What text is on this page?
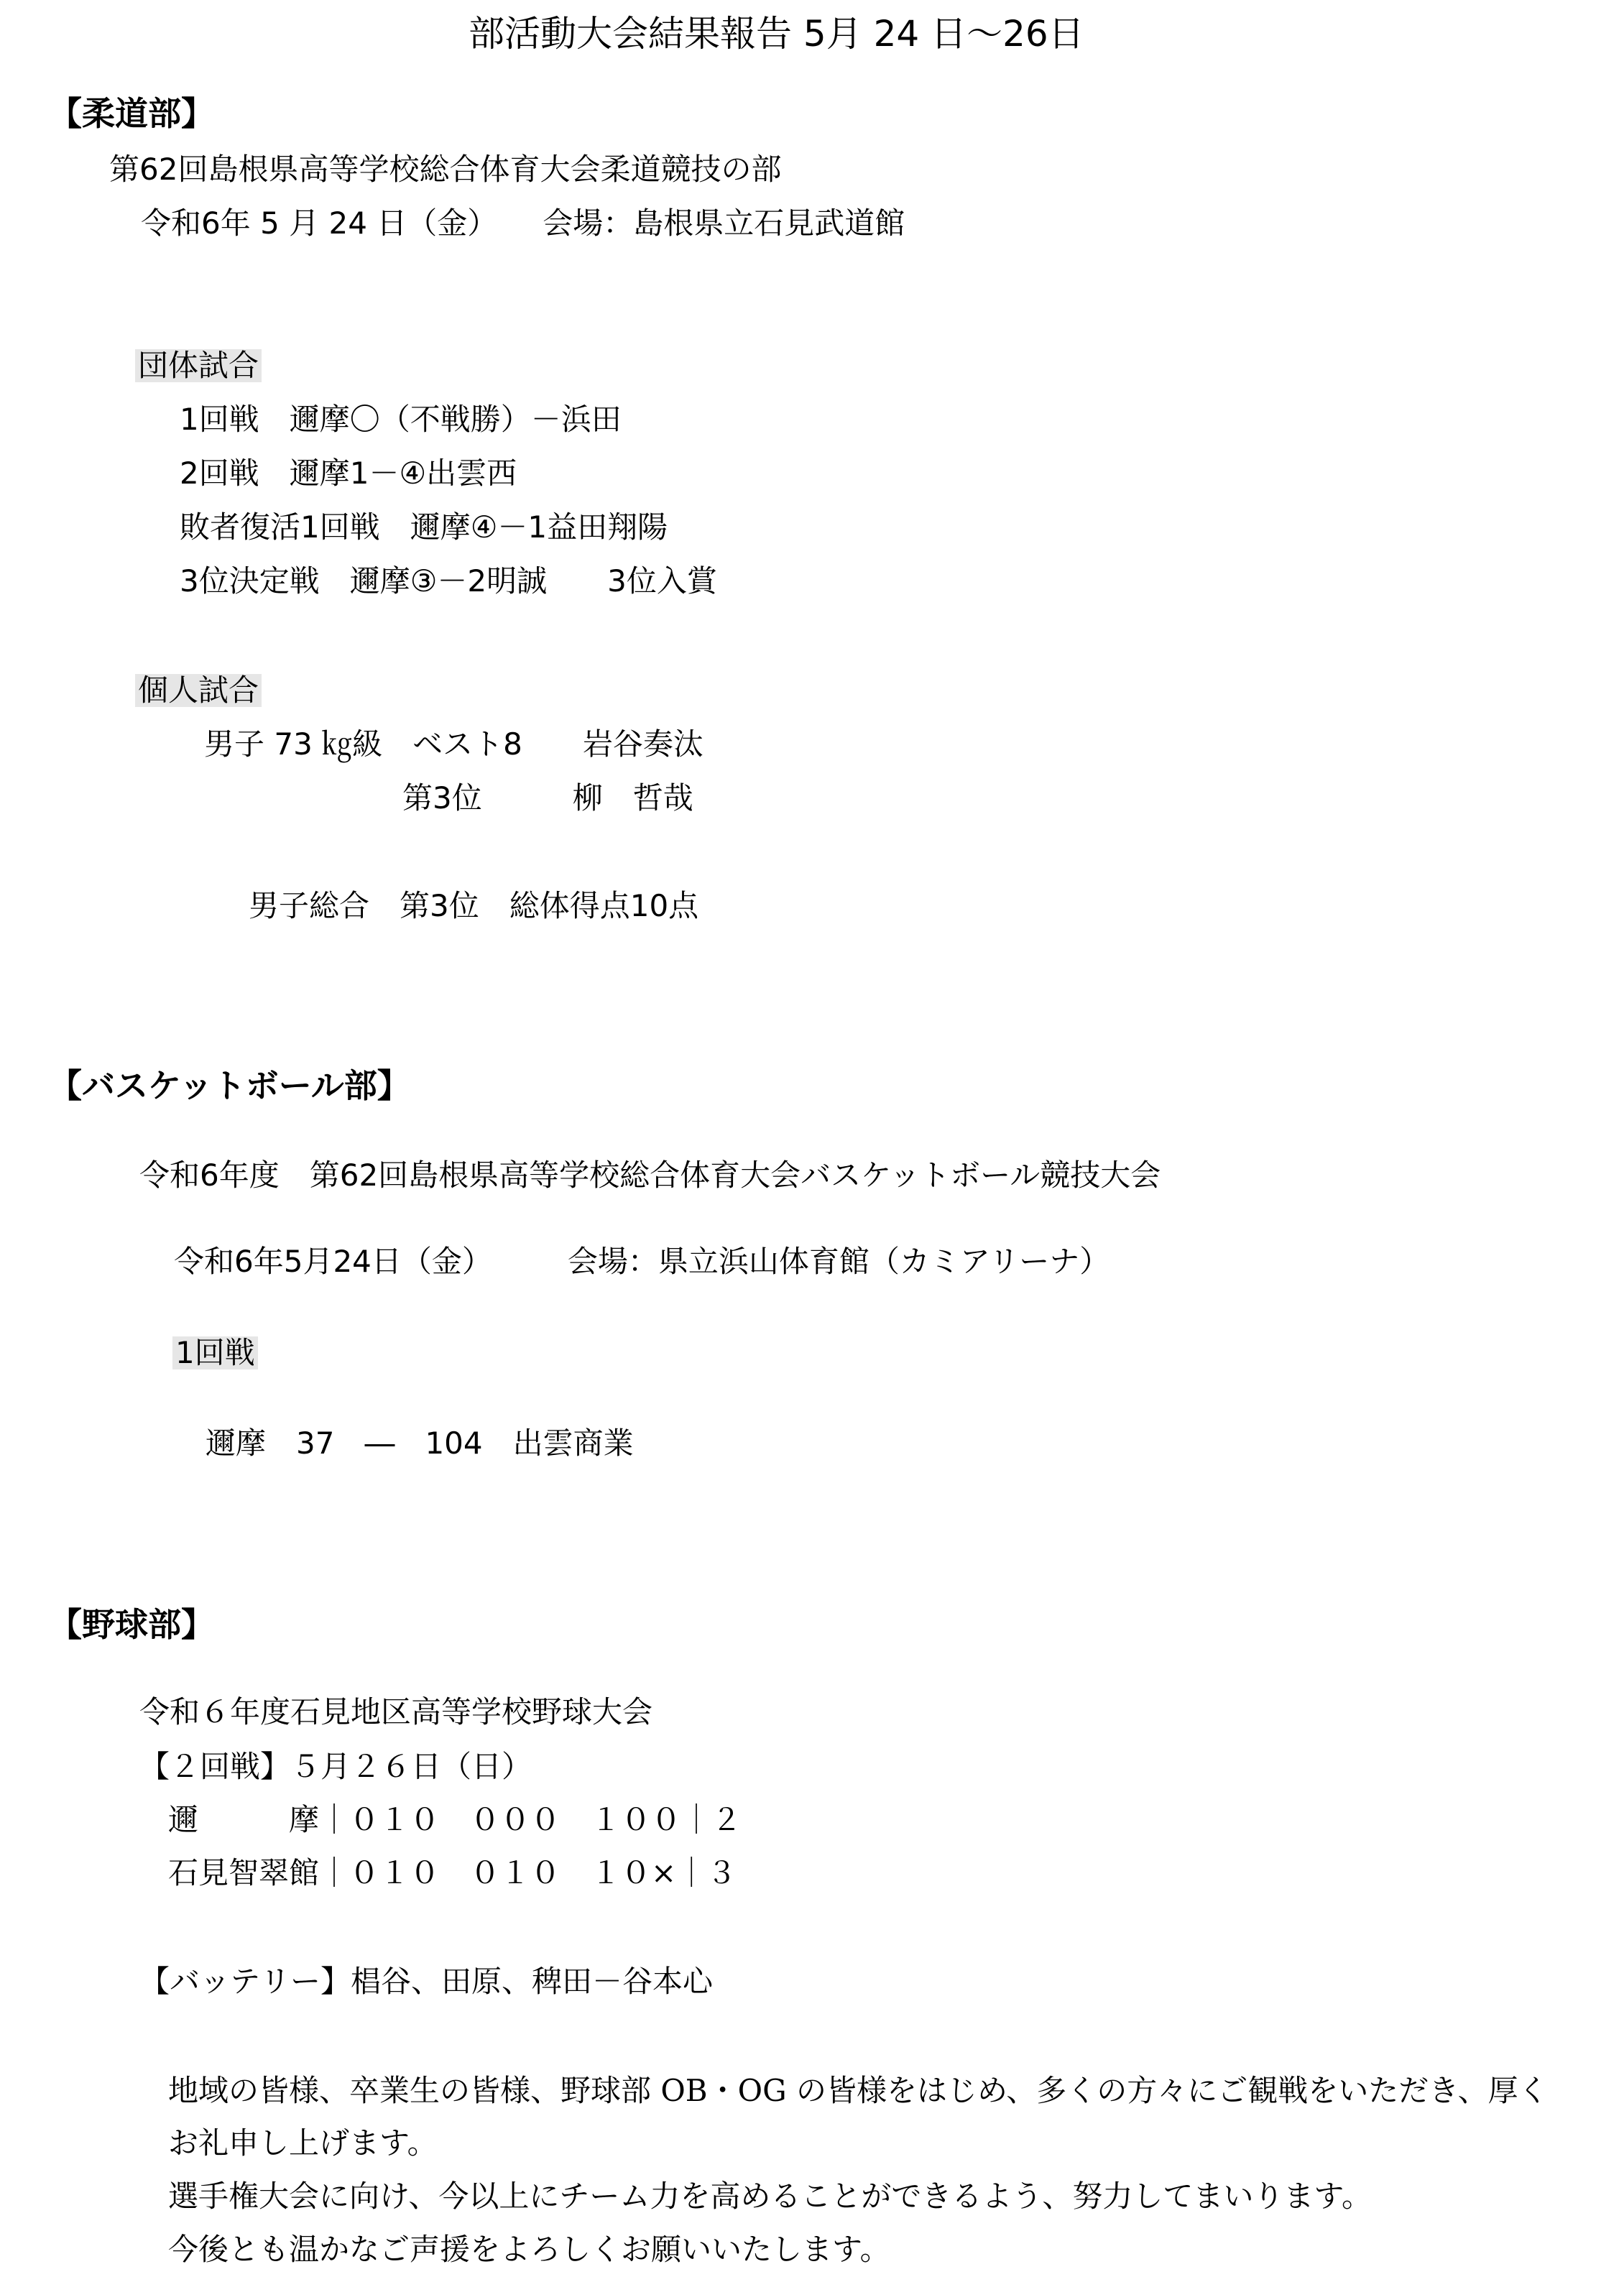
部活動大会結果報告 5月 24 日～26日
【柔道部】
第62回島根県高等学校総合体育大会柔道競技の部
令和6年 5 月 24 日（金）　　会場：島根県立石見武道館
団体試合
1回戦　邇摩〇（不戦勝）－浜田
2回戦　邇摩1－④出雲西
敗者復活1回戦　邇摩④－1益田翔陽
3位決定戦　邇摩③－2明誠　　3位入賞
個人試合
男子 73 ㎏級　ベスト8　　岩谷奏汰
第3位　　　柳　哲哉
男子総合　第3位　総体得点10点
【バスケットボール部】
令和6年度　第62回島根県高等学校総合体育大会バスケットボール競技大会
令和6年5月24日（金）　　　会場：県立浜山体育館（カミアリーナ）
1回戦
邇摩　37　―　104　出雲商業
【野球部】
令和６年度石見地区高等学校野球大会
【２回戦】５月２６日（日）
邇　　　摩｜０１０　０００　１００｜２
石見智翠館｜０１０　０１０　１０×｜３
【バッテリー】椙谷、田原、稗田－谷本心
地域の皆様、卒業生の皆様、野球部 OB・OG の皆様をはじめ、多くの方々にご観戦をいただき、厚く
お礼申し上げます。
選手権大会に向け、今以上にチーム力を高めることができるよう、努力してまいります。
今後とも温かなご声援をよろしくお願いいたします。
